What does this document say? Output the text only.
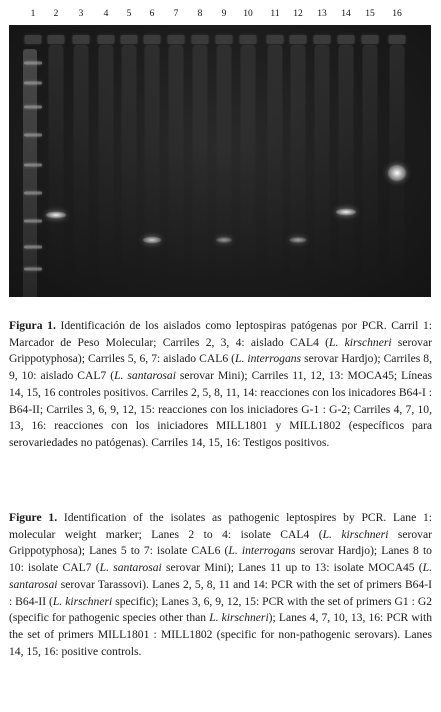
1 2 3 4 5 6 7 8 9 10 11 12 13 14 15 16

Figura 1. Identificación de los aislados como leptospiras patógenas por PCR. Carril 1: Marcador de Peso Molecular; Carriles 2, 3, 4: aislado CAL4 (L. kirschneri serovar Grippotyphosa); Carriles 5, 6, 7: aislado CAL6 (L. interrogans serovar Hardjo); Carriles 8, 9, 10: aislado CAL7 (L. santarosai serovar Mini); Carriles 11, 12, 13: MOCA45; Líneas 14, 15, 16 controles positivos. Carriles 2, 5, 8, 11, 14: reacciones con los inicadores B64-I : B64-II; Carriles 3, 6, 9, 12, 15: reacciones con los iniciadores G-1 : G-2; Carriles 4, 7, 10, 13, 16: reacciones con los iniciadores MILL1801 y MILL1802 (específicos para serovariedades no patógenas). Carriles 14, 15, 16: Testigos positivos.

Figure 1. Identification of the isolates as pathogenic leptospires by PCR. Lane 1: molecular weight marker; Lanes 2 to 4: isolate CAL4 (L. kirschneri serovar Grippotyphosa); Lanes 5 to 7: isolate CAL6 (L. interrogans serovar Hardjo); Lanes 8 to 10: isolate CAL7 (L. santarosai serovar Mini); Lanes 11 up to 13: isolate MOCA45 (L. santarosai serovar Tarassovi). Lanes 2, 5, 8, 11 and 14: PCR with the set of primers B64-I : B64-II (L. kirschneri specific); Lanes 3, 6, 9, 12, 15: PCR with the set of primers G1 : G2 (specific for pathogenic species other than L. kirschneri); Lanes 4, 7, 10, 13, 16: PCR with the set of primers MILL1801 : MILL1802 (specific for non-pathogenic serovars). Lanes 14, 15, 16: positive controls.
